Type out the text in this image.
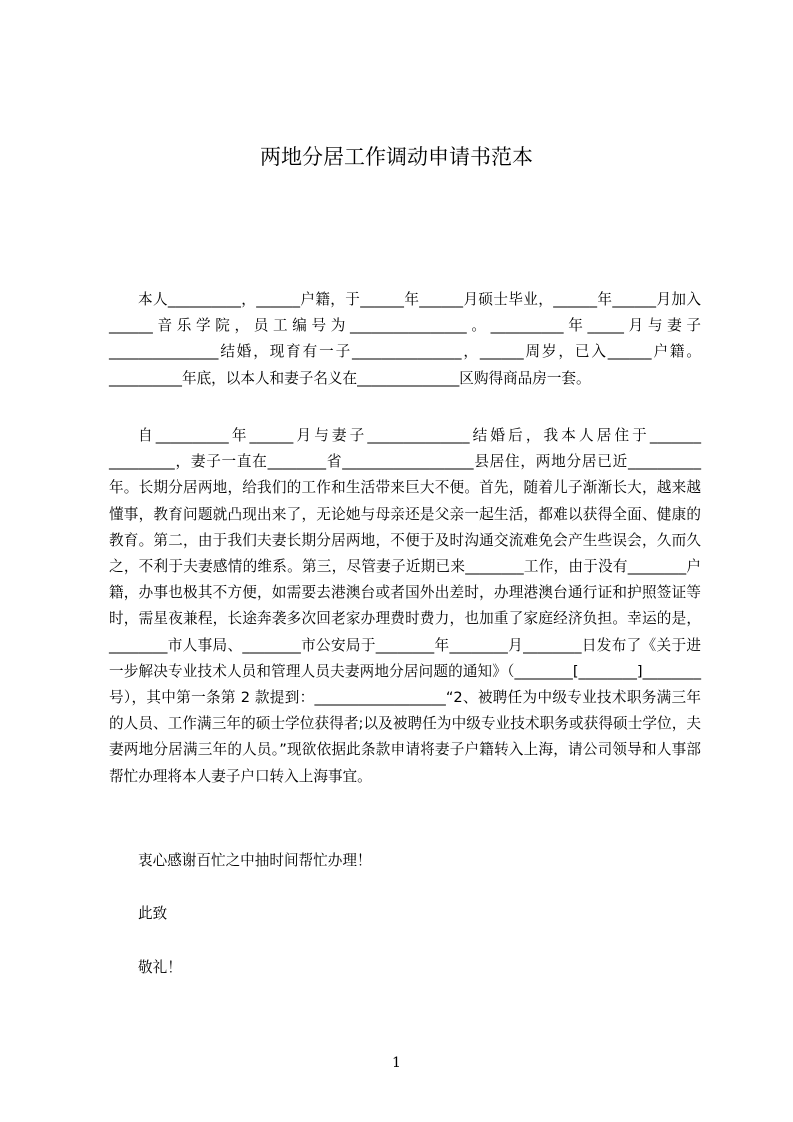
两地分居工作调动申请书范本

本人__________，______户籍，于______年______月硕士毕业，______年______月加入______音乐学院，员工编号为________________。__________年_____月与妻子_______________结婚，现育有一子_______________，______周岁，已入______户籍。__________年底，以本人和妻子名义在______________区购得商品房一套。

自__________年______月与妻子______________结婚后，我本人居住于_______ _________，妻子一直在________省__________________县居住，两地分居已近__________年。长期分居两地，给我们的工作和生活带来巨大不便。首先，随着儿子渐渐长大，越来越懂事，教育问题就凸现出来了，无论她与母亲还是父亲一起生活，都难以获得全面、健康的教育。第二，由于我们夫妻长期分居两地，不便于及时沟通交流难免会产生些误会，久而久之，不利于夫妻感情的维系。第三，尽管妻子近期已来________工作，由于没有________户籍，办事也极其不方便，如需要去港澳台或者国外出差时，办理港澳台通行证和护照签证等时，需星夜兼程，长途奔袭多次回老家办理费时费力，也加重了家庭经济负担。幸运的是，________市人事局、________市公安局于________年________月________日发布了《关于进一步解决专业技术人员和管理人员夫妻两地分居问题的通知》（________[________]________号），其中第一条第 2 款提到：__________________“2、被聘任为中级专业技术职务满三年的人员、工作满三年的硕士学位获得者;以及被聘任为中级专业技术职务或获得硕士学位，夫妻两地分居满三年的人员。”现欲依据此条款申请将妻子户籍转入上海，请公司领导和人事部帮忙办理将本人妻子户口转入上海事宜。

衷心感谢百忙之中抽时间帮忙办理！

此致

敬礼！

1
